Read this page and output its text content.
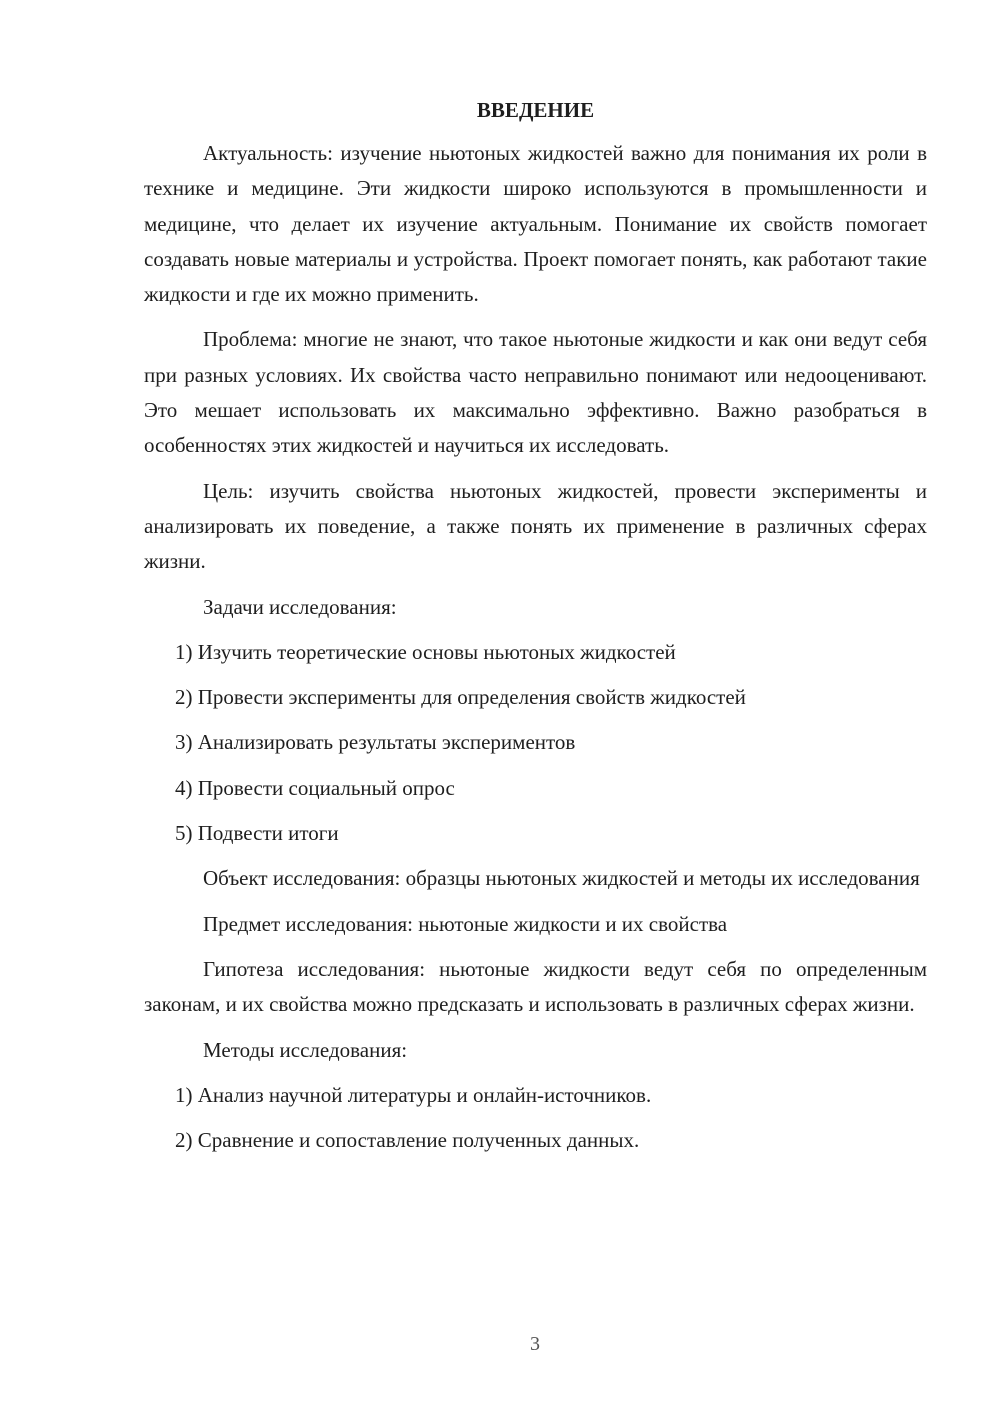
ВВЕДЕНИЕ
Актуальность: изучение ньютоных жидкостей важно для понимания их роли в технике и медицине. Эти жидкости широко используются в промышленности и медицине, что делает их изучение актуальным. Понимание их свойств помогает создавать новые материалы и устройства. Проект помогает понять, как работают такие жидкости и где их можно применить.
Проблема: многие не знают, что такое ньютоные жидкости и как они ведут себя при разных условиях. Их свойства часто неправильно понимают или недооценивают. Это мешает использовать их максимально эффективно. Важно разобраться в особенностях этих жидкостей и научиться их исследовать.
Цель: изучить свойства ньютоных жидкостей, провести эксперименты и анализировать их поведение, а также понять их применение в различных сферах жизни.
Задачи исследования:
1) Изучить теоретические основы ньютоных жидкостей
2) Провести эксперименты для определения свойств жидкостей
3) Анализировать результаты экспериментов
4) Провести социальный опрос
5) Подвести итоги
Объект исследования: образцы ньютоных жидкостей и методы их исследования
Предмет исследования: ньютоные жидкости и их свойства
Гипотеза исследования: ньютоные жидкости ведут себя по определенным законам, и их свойства можно предсказать и использовать в различных сферах жизни.
Методы исследования:
1) Анализ научной литературы и онлайн-источников.
2) Сравнение и сопоставление полученных данных.
3
